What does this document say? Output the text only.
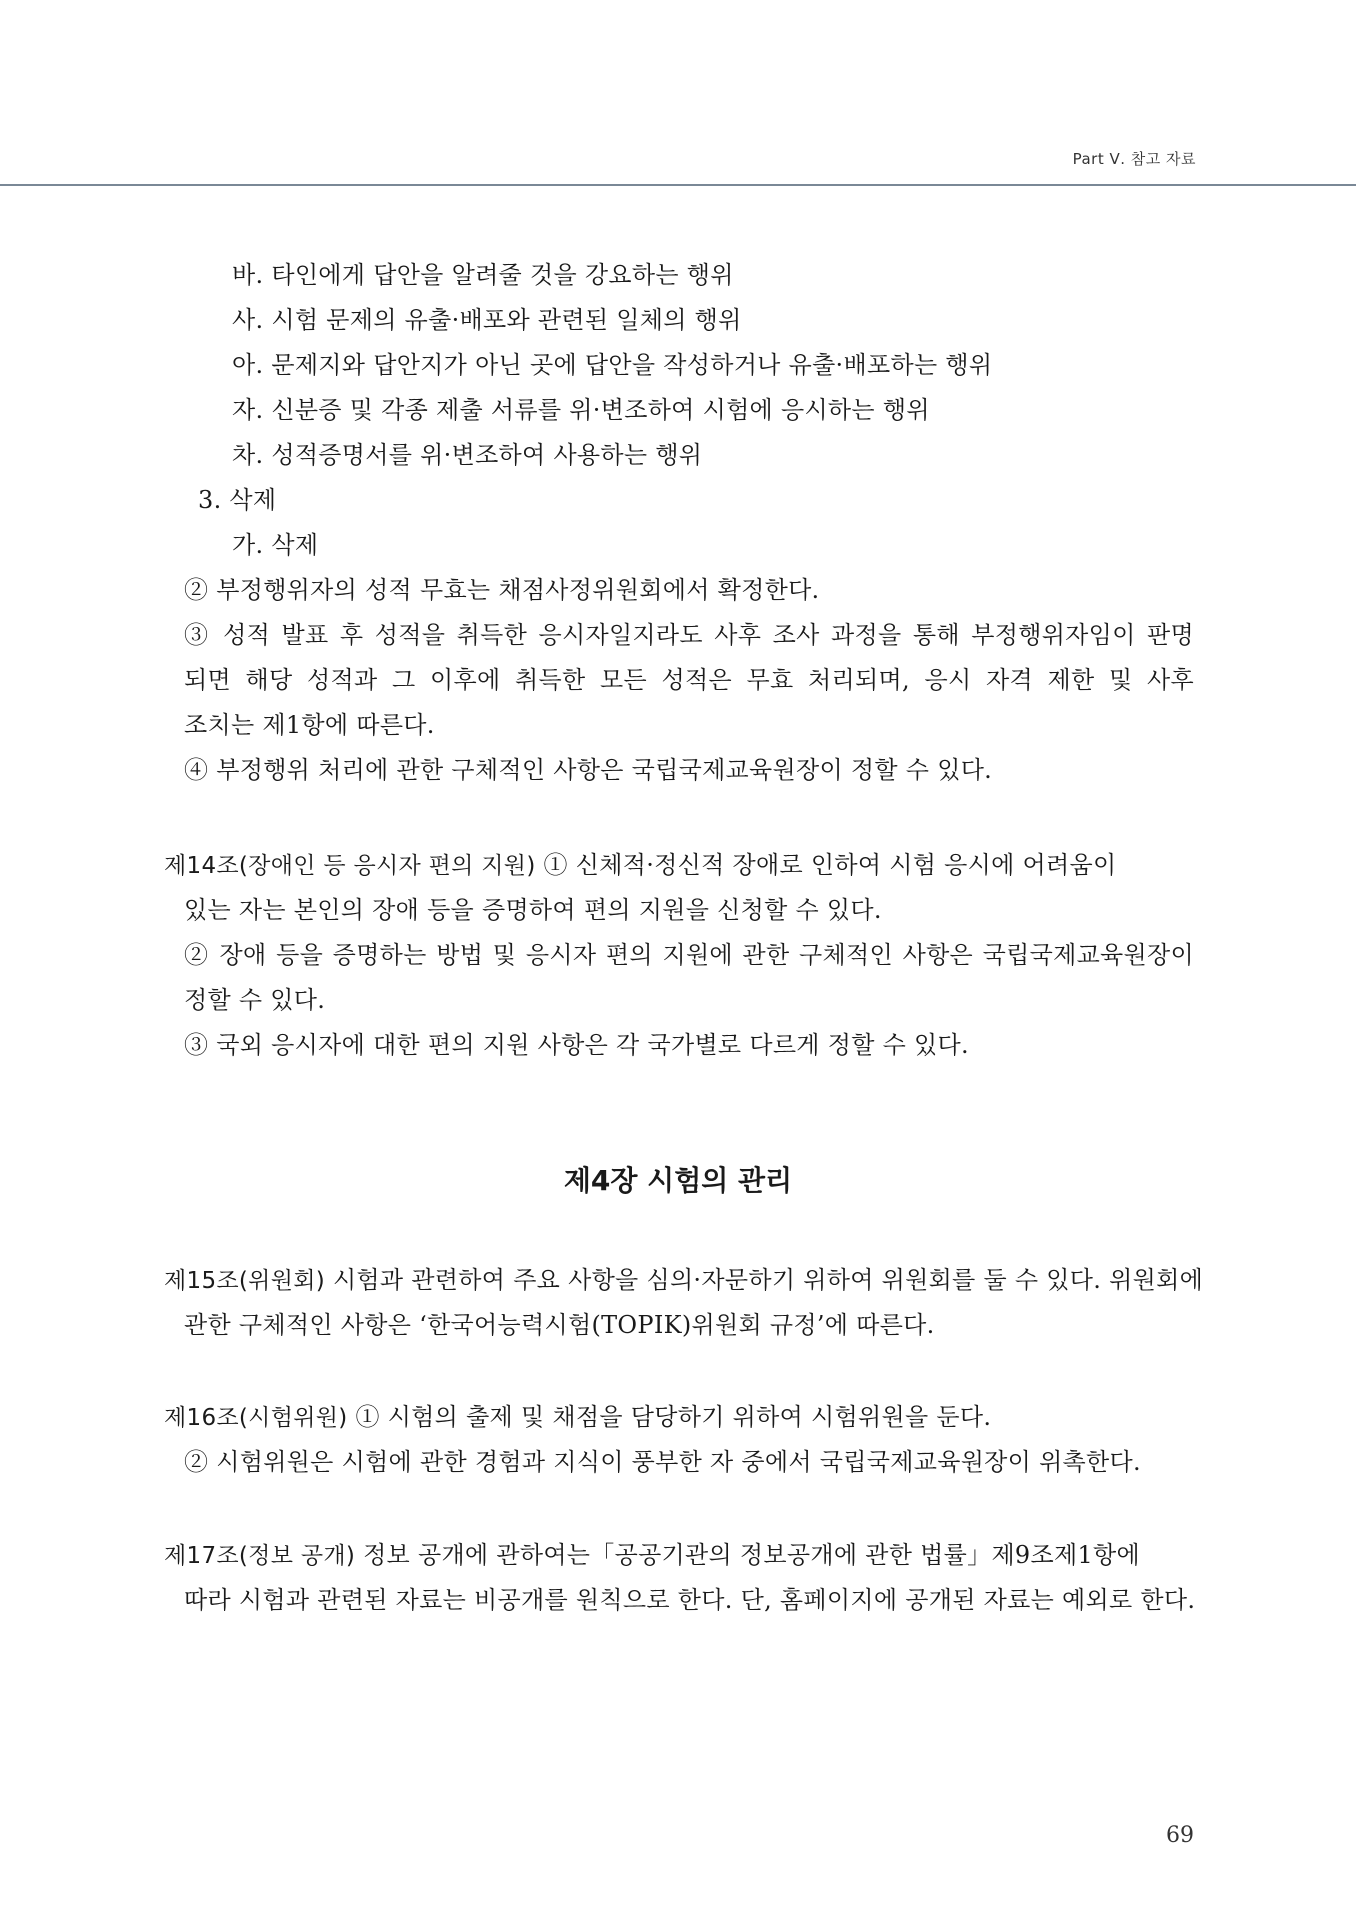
Part Ⅴ. 참고 자료
바. 타인에게 답안을 알려줄 것을 강요하는 행위
사. 시험 문제의 유출·배포와 관련된 일체의 행위
아. 문제지와 답안지가 아닌 곳에 답안을 작성하거나 유출·배포하는 행위
자. 신분증 및 각종 제출 서류를 위·변조하여 시험에 응시하는 행위
차. 성적증명서를 위·변조하여 사용하는 행위
3. 삭제
가. 삭제
② 부정행위자의 성적 무효는 채점사정위원회에서 확정한다.
③ 성적 발표 후 성적을 취득한 응시자일지라도 사후 조사 과정을 통해 부정행위자임이 판명
되면 해당 성적과 그 이후에 취득한 모든 성적은 무효 처리되며, 응시 자격 제한 및 사후
조치는 제1항에 따른다.
④ 부정행위 처리에 관한 구체적인 사항은 국립국제교육원장이 정할 수 있다.
제14조(장애인 등 응시자 편의 지원) ① 신체적·정신적 장애로 인하여 시험 응시에 어려움이
있는 자는 본인의 장애 등을 증명하여 편의 지원을 신청할 수 있다.
② 장애 등을 증명하는 방법 및 응시자 편의 지원에 관한 구체적인 사항은 국립국제교육원장이
정할 수 있다.
③ 국외 응시자에 대한 편의 지원 사항은 각 국가별로 다르게 정할 수 있다.
제4장 시험의 관리
제15조(위원회) 시험과 관련하여 주요 사항을 심의·자문하기 위하여 위원회를 둘 수 있다. 위원회에
관한 구체적인 사항은 ‘한국어능력시험(TOPIK)위원회 규정’에 따른다.
제16조(시험위원) ① 시험의 출제 및 채점을 담당하기 위하여 시험위원을 둔다.
② 시험위원은 시험에 관한 경험과 지식이 풍부한 자 중에서 국립국제교육원장이 위촉한다.
제17조(정보 공개) 정보 공개에 관하여는「공공기관의 정보공개에 관한 법률」제9조제1항에
따라 시험과 관련된 자료는 비공개를 원칙으로 한다. 단, 홈페이지에 공개된 자료는 예외로 한다.
69
